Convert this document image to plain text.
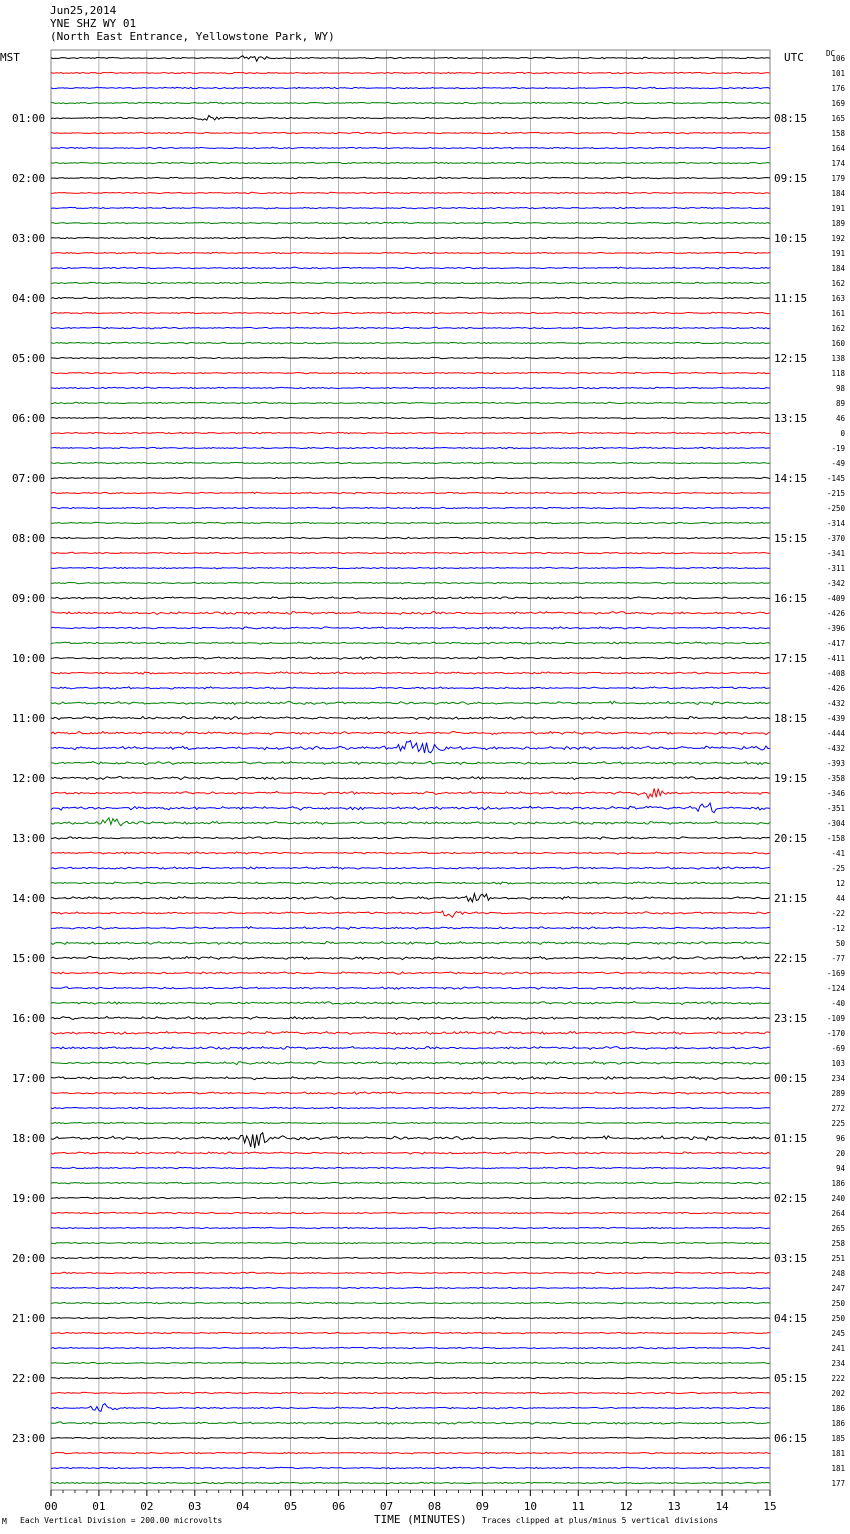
Jun25,2014
YNE SHZ WY 01
(North East Entrance, Yellowstone Park, WY)
01:00
02:00
03:00
04:00
05:00
06:00
07:00
08:00
09:00
10:00
11:00
12:00
13:00
14:00
15:00
16:00
17:00
18:00
19:00
20:00
21:00
22:00
23:00
08:15
09:15
10:15
11:15
12:15
13:15
14:15
15:15
16:15
17:15
18:15
19:15
20:15
21:15
22:15
23:15
00:15
01:15
02:15
03:15
04:15
05:15
06:15
106
101
176
169
165
158
164
174
179
184
191
189
192
191
184
162
163
161
162
160
138
118
98
89
46
0
-19
-49
-145
-215
-250
-314
-370
-341
-311
-342
-409
-426
-396
-417
-411
-408
-426
-432
-439
-444
-432
-393
-358
-346
-351
-304
-158
-41
-25
12
44
-22
-12
50
-77
-169
-124
-40
-109
-170
-69
103
234
289
272
225
96
20
94
186
240
264
265
258
251
248
247
250
250
245
241
234
222
202
186
186
185
181
181
177
00	01	02	03	04	05	06	07	08	09	10	11	12	13	14	15
MST	UTC	DC
M Each Vertical Division = 200.00 microvolts	TIME (MINUTES) Traces clipped at plus/minus 5 vertical divisions
